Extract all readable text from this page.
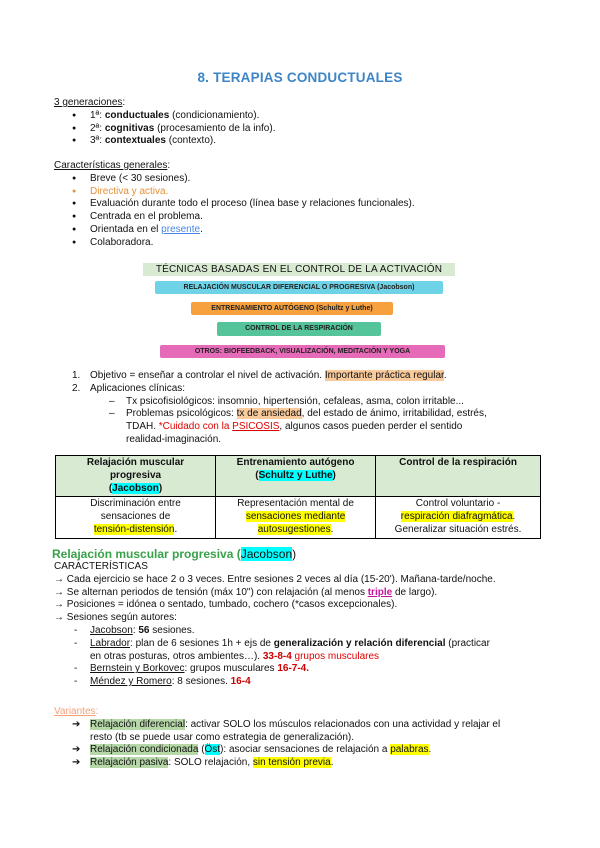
8. TERAPIAS CONDUCTUALES
3 generaciones:
● 1ª: conductuales (condicionamiento).
● 2ª: cognitivas (procesamiento de la info).
● 3ª: contextuales (contexto).
Características generales:
● Breve (< 30 sesiones).
● Directiva y activa.
● Evaluación durante todo el proceso (línea base y relaciones funcionales).
● Centrada en el problema.
● Orientada en el presente.
● Colaboradora.
TÉCNICAS BASADAS EN EL CONTROL DE LA ACTIVACIÓN
RELAJACIÓN MUSCULAR DIFERENCIAL O PROGRESIVA (Jacobson)
ENTRENAMIENTO AUTÓGENO (Schultz y Luthe)
CONTROL DE LA RESPIRACIÓN
OTROS: BIOFEEDBACK, VISUALIZACIÓN, MEDITACIÓN Y YOGA
1. Objetivo = enseñar a controlar el nivel de activación. Importante práctica regular.
2. Aplicaciones clínicas:
– Tx psicofisiológicos: insomnio, hipertensión, cefaleas, asma, colon irritable...
– Problemas psicológicos: tx de ansiedad, del estado de ánimo, irritabilidad, estrés,
TDAH. *Cuidado con la PSICOSIS, algunos casos pueden perder el sentido
realidad-imaginación.
Relajación muscular
progresiva
(Jacobson)	Entrenamiento autógeno
(Schultz y Luthe)	Control de la respiración
Discriminación entre
sensaciones de
tensión-distensión.	Representación mental de
sensaciones mediante
autosugestiones.	Control voluntario -
respiración diafragmática.
Generalizar situación estrés.
Relajación muscular progresiva (Jacobson)
CARACTERÍSTICAS
→ Cada ejercicio se hace 2 o 3 veces. Entre sesiones 2 veces al día (15-20'). Mañana-tarde/noche.
→ Se alternan periodos de tensión (máx 10") con relajación (al menos triple de largo).
→ Posiciones = idónea o sentado, tumbado, cochero (*casos excepcionales).
→ Sesiones según autores:
- Jacobson: 56 sesiones.
- Labrador: plan de 6 sesiones 1h + ejs de generalización y relación diferencial (practicar
en otras posturas, otros ambientes…). 33-8-4 grupos musculares
- Bernstein y Borkovec: grupos musculares 16-7-4.
- Méndez y Romero: 8 sesiones. 16-4
Variantes:
➔ Relajación diferencial: activar SOLO los músculos relacionados con una actividad y relajar el
resto (tb se puede usar como estrategia de generalización).
➔ Relajación condicionada (Öst): asociar sensaciones de relajación a palabras.
➔ Relajación pasiva: SOLO relajación, sin tensión previa.
